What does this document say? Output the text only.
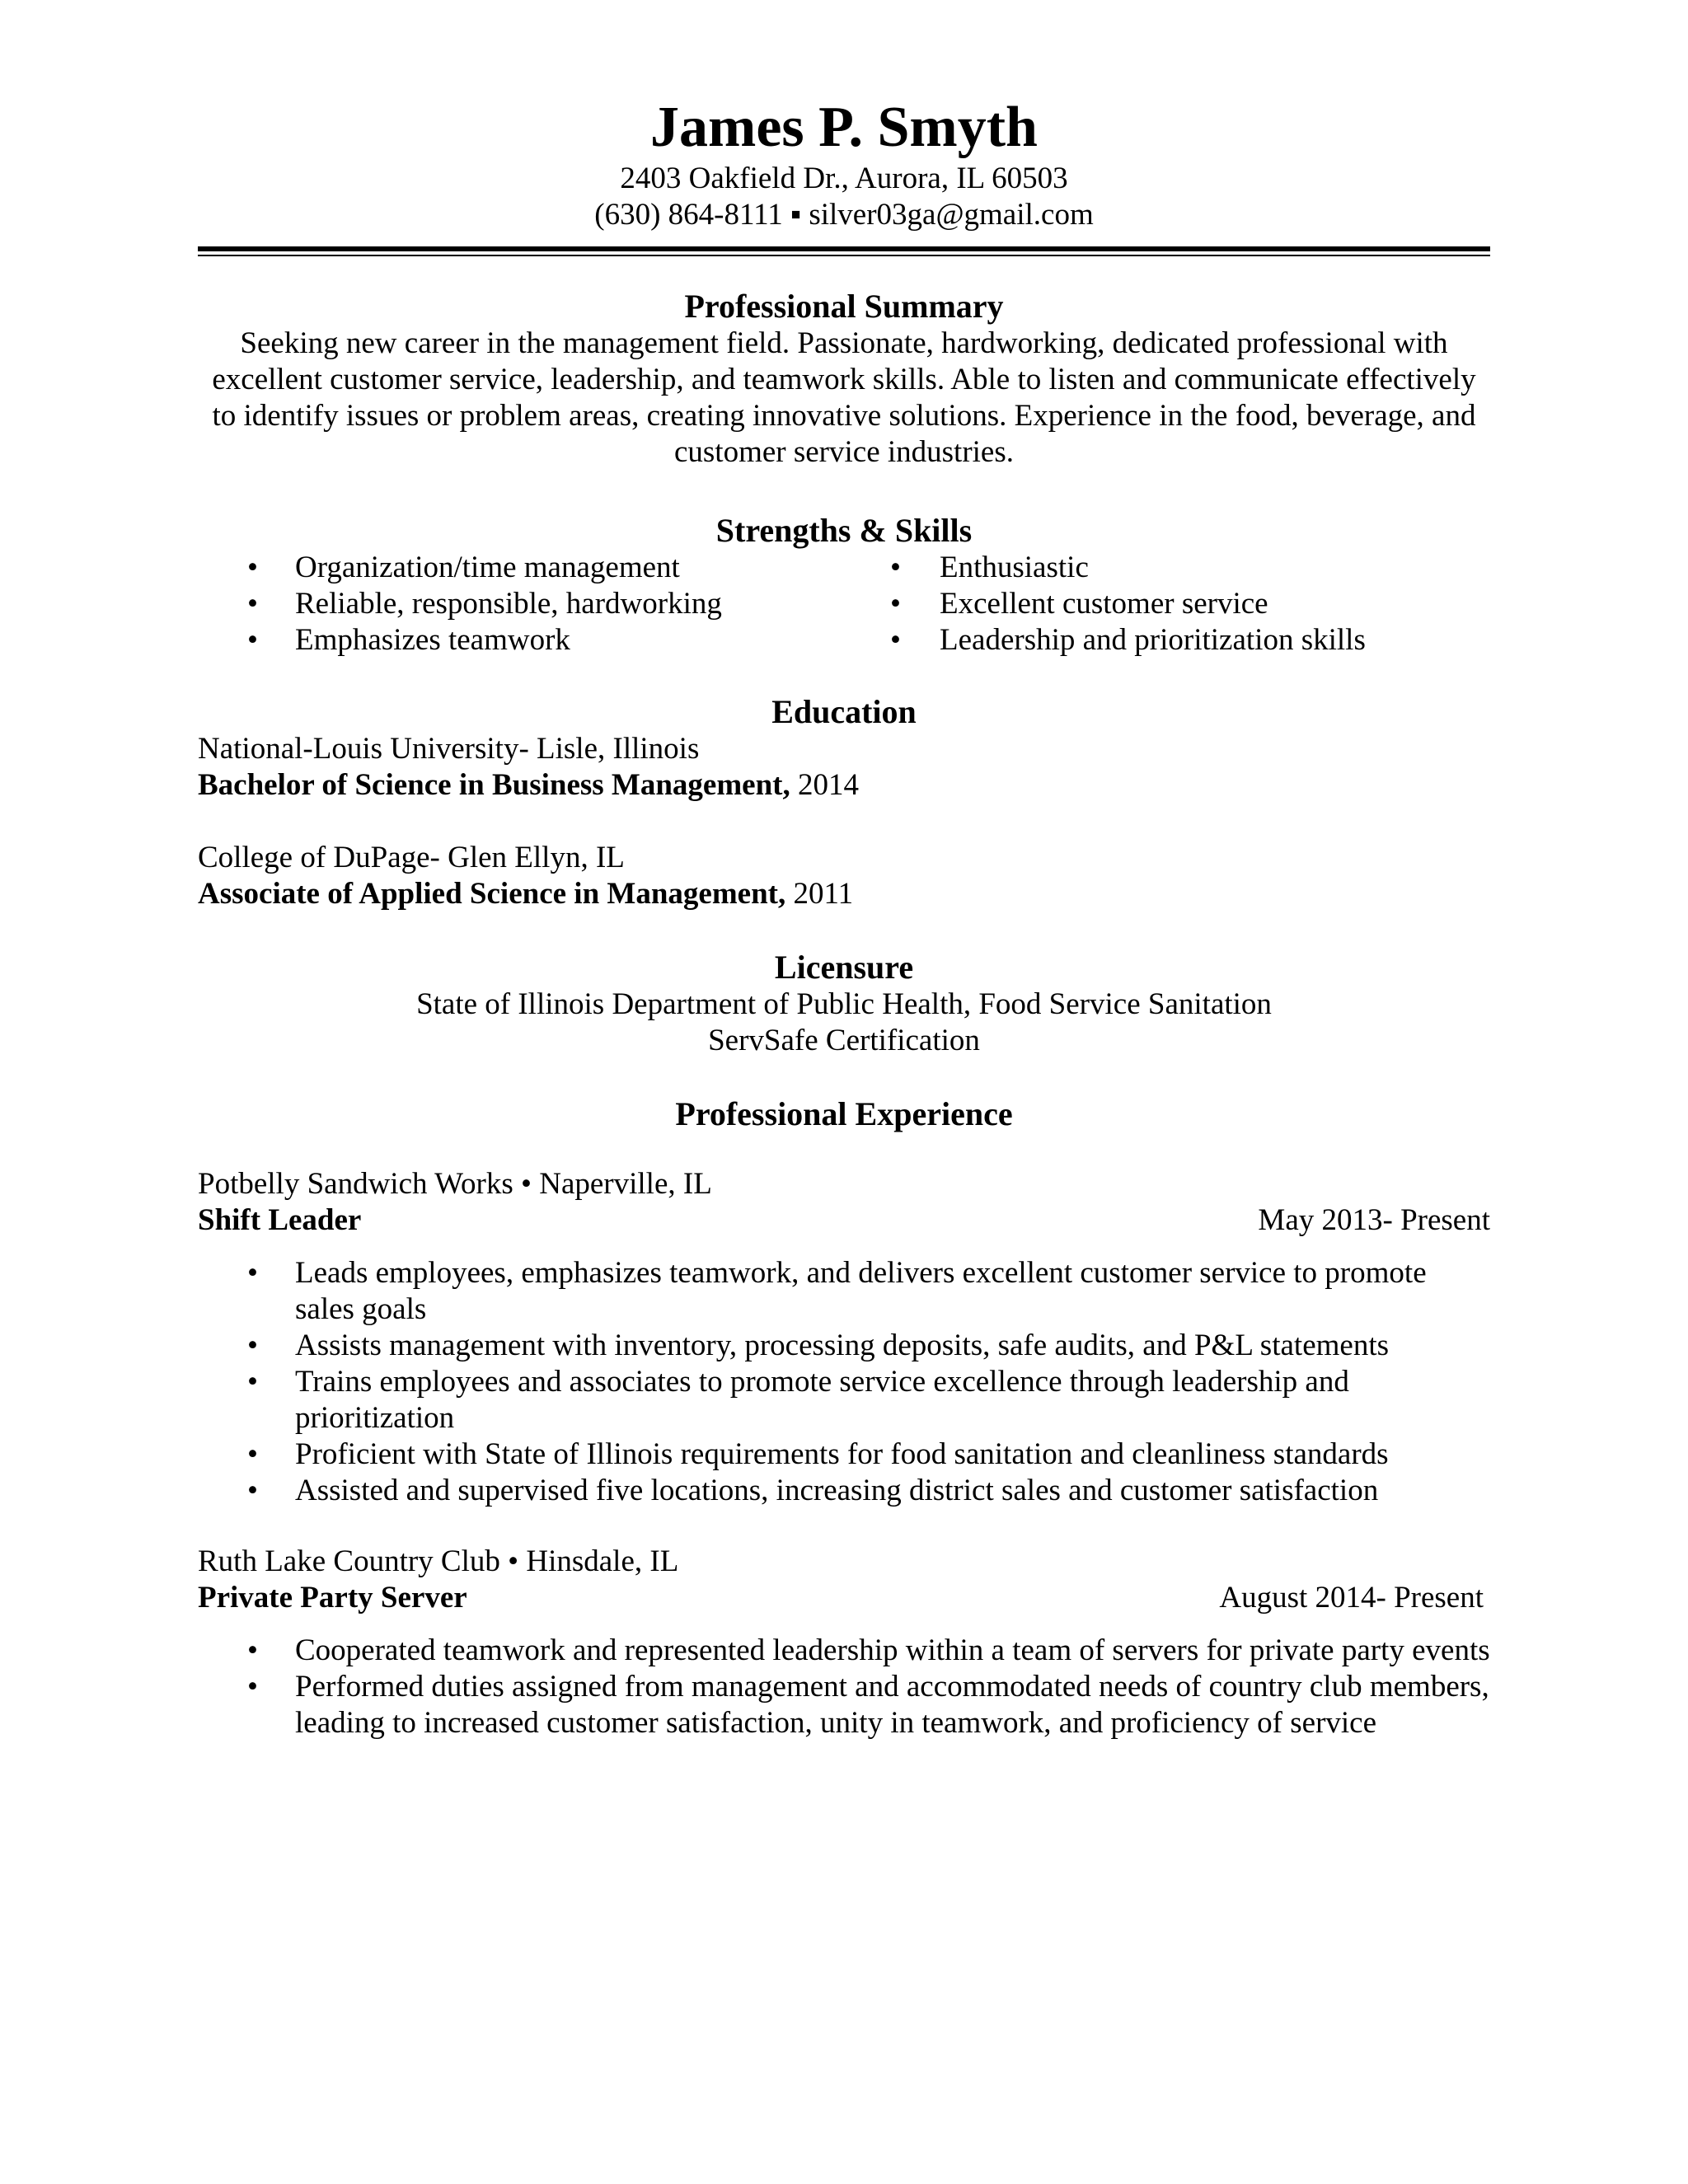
James P. Smyth

2403 Oakfield Dr., Aurora, IL 60503

(630) 864-8111 ▪ silver03ga@gmail.com

Professional Summary

Seeking new career in the management field. Passionate, hardworking, dedicated professional with excellent customer service, leadership, and teamwork skills. Able to listen and communicate effectively to identify issues or problem areas, creating innovative solutions. Experience in the food, beverage, and customer service industries.

Strengths & Skills
• Organization/time management
• Reliable, responsible, hardworking
• Emphasizes teamwork
• Enthusiastic
• Excellent customer service
• Leadership and prioritization skills
Education

National-Louis University- Lisle, Illinois

Bachelor of Science in Business Management, 2014

College of DuPage- Glen Ellyn, IL

Associate of Applied Science in Management, 2011

Licensure

State of Illinois Department of Public Health, Food Service Sanitation

ServSafe Certification

Professional Experience

Potbelly Sandwich Works • Naperville, IL

Shift Leader	May 2013- Present
• Leads employees, emphasizes teamwork, and delivers excellent customer service to promote sales goals
• Assists management with inventory, processing deposits, safe audits, and P&L statements
• Trains employees and associates to promote service excellence through leadership and prioritization
• Proficient with State of Illinois requirements for food sanitation and cleanliness standards
• Assisted and supervised five locations, increasing district sales and customer satisfaction

Ruth Lake Country Club • Hinsdale, IL

Private Party Server	August 2014- Present
• Cooperated teamwork and represented leadership within a team of servers for private party events
• Performed duties assigned from management and accommodated needs of country club members, leading to increased customer satisfaction, unity in teamwork, and proficiency of service
